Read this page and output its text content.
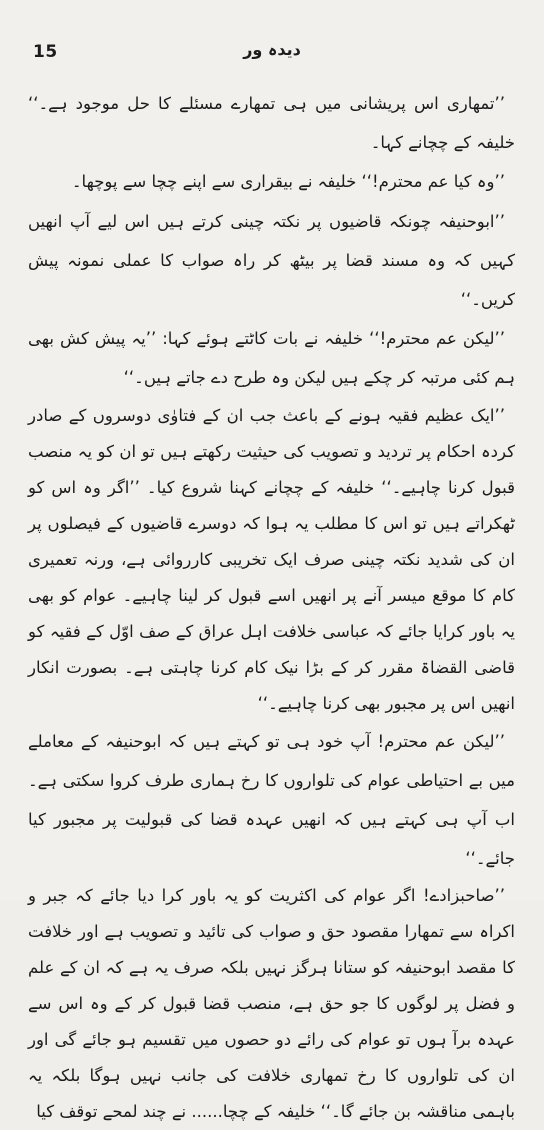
15	دیدہ ور

’’تمھاری اس پریشانی میں ہی تمھارے مسئلے کا حل موجود ہے۔‘‘ خلیفہ کے چچانے کہا۔

’’وہ کیا عم محترم!‘‘ خلیفہ نے بیقراری سے اپنے چچا سے پوچھا۔

’’ابوحنیفہ چونکہ قاضیوں پر نکتہ چینی کرتے ہیں اس لیے آپ انھیں کہیں کہ وہ مسند قضا پر بیٹھ کر راہ صواب کا عملی نمونہ پیش کریں۔‘‘

’’لیکن عم محترم!‘‘ خلیفہ نے بات کاٹتے ہوئے کہا: ’’یہ پیش کش بھی ہم کئی مرتبہ کر چکے ہیں لیکن وہ طرح دے جاتے ہیں۔‘‘

’’ایک عظیم فقیہ ہونے کے باعث جب ان کے فتاوٰی دوسروں کے صادر کردہ احکام پر تردید و تصویب کی حیثیت رکھتے ہیں تو ان کو یہ منصب قبول کرنا چاہیے۔‘‘ خلیفہ کے چچانے کہنا شروع کیا۔ ’’اگر وہ اس کو ٹھکراتے ہیں تو اس کا مطلب یہ ہوا کہ دوسرے قاضیوں کے فیصلوں پر ان کی شدید نکتہ چینی صرف ایک تخریبی کارروائی ہے، ورنہ تعمیری کام کا موقع میسر آنے پر انھیں اسے قبول کر لینا چاہیے۔ عوام کو بھی یہ باور کرایا جائے کہ عباسی خلافت اہل عراق کے صف اوّل کے فقیہ کو قاضی القضاۃ مقرر کر کے بڑا نیک کام کرنا چاہتی ہے۔ بصورت انکار انھیں اس پر مجبور بھی کرنا چاہیے۔‘‘

’’لیکن عم محترم! آپ خود ہی تو کہتے ہیں کہ ابوحنیفہ کے معاملے میں بے احتیاطی عوام کی تلواروں کا رخ ہماری طرف کروا سکتی ہے۔ اب آپ ہی کہتے ہیں کہ انھیں عہدہ قضا کی قبولیت پر مجبور کیا جائے۔‘‘

’’صاحبزادے! اگر عوام کی اکثریت کو یہ باور کرا دیا جائے کہ جبر و اکراہ سے تمھارا مقصود حق و صواب کی تائید و تصویب ہے اور خلافت کا مقصد ابوحنیفہ کو ستانا ہرگز نہیں بلکہ صرف یہ ہے کہ ان کے علم و فضل پر لوگوں کا جو حق ہے، منصب قضا قبول کر کے وہ اس سے عہدہ برآ ہوں تو عوام کی رائے دو حصوں میں تقسیم ہو جائے گی اور ان کی تلواروں کا رخ تمھاری خلافت کی جانب نہیں ہوگا بلکہ یہ باہمی مناقشہ بن جائے گا۔‘‘ خلیفہ کے چچا...... نے چند لمحے توقف کیا
